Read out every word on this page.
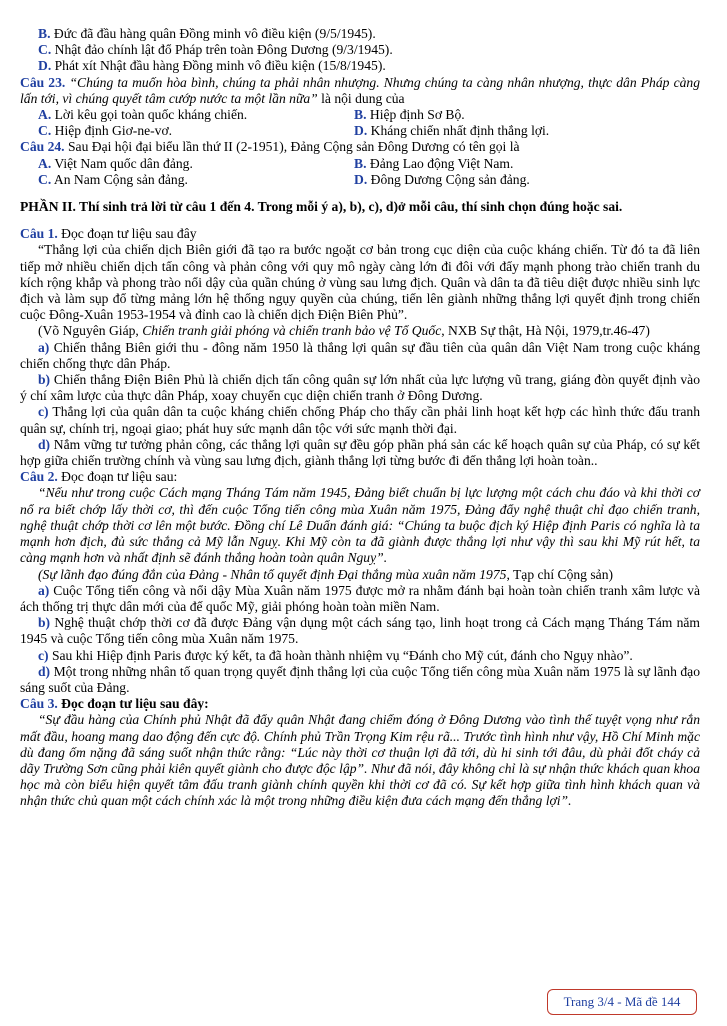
B. Đức đã đầu hàng quân Đồng minh vô điều kiện (9/5/1945).
C. Nhật đảo chính lật đổ Pháp trên toàn Đông Dương (9/3/1945).
D. Phát xít Nhật đầu hàng Đồng minh vô điều kiện (15/8/1945).
Câu 23. “Chúng ta muốn hòa bình, chúng ta phải nhân nhượng. Nhưng chúng ta càng nhân nhượng, thực dân Pháp càng lấn tới, vì chúng quyết tâm cướp nước ta một lần nữa” là nội dung của
A. Lời kêu gọi toàn quốc kháng chiến.	B. Hiệp định Sơ Bộ.
C. Hiệp định Giơ-ne-vơ.	D. Kháng chiến nhất định thắng lợi.
Câu 24. Sau Đại hội đại biểu lần thứ II (2-1951), Đảng Cộng sản Đông Dương có tên gọi là
A. Việt Nam quốc dân đảng.	B. Đảng Lao động Việt Nam.
C. An Nam Cộng sản đảng.	D. Đông Dương Cộng sản đảng.
PHẦN II. Thí sinh trả lời từ câu 1 đến 4. Trong mỗi ý a), b), c), d)ở mỗi câu, thí sinh chọn đúng hoặc sai.
Câu 1. Đọc đoạn tư liệu sau đây
“Thắng lợi của chiến dịch Biên giới đã tạo ra bước ngoặt cơ bản trong cục diện của cuộc kháng chiến. Từ đó ta đã liên tiếp mở nhiều chiến dịch tấn công và phản công với quy mô ngày càng lớn đi đôi với đẩy mạnh phong trào chiến tranh du kích rộng khắp và phong trào nổi dậy của quần chúng ở vùng sau lưng địch. Quân và dân ta đã tiêu diệt được nhiều sinh lực địch và làm sụp đổ từng mảng lớn hệ thống ngụy quyền của chúng, tiến lên giành những thắng lợi quyết định trong chiến cuộc Đông-Xuân 1953-1954 và đỉnh cao là chiến dịch Điện Biên Phủ”.
(Võ Nguyên Giáp, Chiến tranh giải phóng và chiến tranh bảo vệ Tổ Quốc, NXB Sự thật, Hà Nội, 1979,tr.46-47)
a) Chiến thắng Biên giới thu - đông năm 1950 là thắng lợi quân sự đầu tiên của quân dân Việt Nam trong cuộc kháng chiến chống thực dân Pháp.
b) Chiến thắng Điện Biên Phủ là chiến dịch tấn công quân sự lớn nhất của lực lượng vũ trang, giáng đòn quyết định vào ý chí xâm lược của thực dân Pháp, xoay chuyển cục diện chiến tranh ở Đông Dương.
c) Thắng lợi của quân dân ta cuộc kháng chiến chống Pháp cho thấy cần phải linh hoạt kết hợp các hình thức đấu tranh quân sự, chính trị, ngoại giao; phát huy sức mạnh dân tộc với sức mạnh thời đại.
d) Nắm vững tư tưởng phản công, các thắng lợi quân sự đều góp phần phá sản các kế hoạch quân sự của Pháp, có sự kết hợp giữa chiến trường chính và vùng sau lưng địch, giành thắng lợi từng bước đi đến thắng lợi hoàn toàn..
Câu 2. Đọc đoạn tư liệu sau:
“Nếu như trong cuộc Cách mạng Tháng Tám năm 1945, Đảng biết chuẩn bị lực lượng một cách chu đáo và khi thời cơ nổ ra biết chớp lấy thời cơ, thì đến cuộc Tổng tiến công mùa Xuân năm 1975, Đảng đẩy nghệ thuật chỉ đạo chiến tranh, nghệ thuật chớp thời cơ lên một bước. Đồng chí Lê Duẩn đánh giá: “Chúng ta buộc địch ký Hiệp định Paris có nghĩa là ta mạnh hơn địch, đủ sức thắng cả Mỹ lẫn Nguỵ. Khi Mỹ còn ta đã giành được thắng lợi như vậy thì sau khi Mỹ rút hết, ta càng mạnh hơn và nhất định sẽ đánh thắng hoàn toàn quân Nguỵ”.
(Sự lãnh đạo đúng đắn của Đảng - Nhân tố quyết định Đại thắng mùa xuân năm 1975, Tạp chí Cộng sản)
a) Cuộc Tổng tiến công và nổi dậy Mùa Xuân năm 1975 được mở ra nhằm đánh bại hoàn toàn chiến tranh xâm lược và ách thống trị thực dân mới của đế quốc Mỹ, giải phóng hoàn toàn miền Nam.
b) Nghệ thuật chớp thời cơ đã được Đảng vận dụng một cách sáng tạo, linh hoạt trong cả Cách mạng Tháng Tám năm 1945 và cuộc Tổng tiến công mùa Xuân năm 1975.
c) Sau khi Hiệp định Paris được ký kết, ta đã hoàn thành nhiệm vụ “Đánh cho Mỹ cút, đánh cho Ngụy nhào”.
d) Một trong những nhân tố quan trọng quyết định thắng lợi của cuộc Tổng tiến công mùa Xuân năm 1975 là sự lãnh đạo sáng suốt của Đảng.
Câu 3. Đọc đoạn tư liệu sau đây:
“Sự đầu hàng của Chính phủ Nhật đã đẩy quân Nhật đang chiếm đóng ở Đông Dương vào tình thế tuyệt vọng như rắn mất đầu, hoang mang dao động đến cực độ. Chính phủ Trần Trọng Kim rệu rã... Trước tình hình như vậy, Hồ Chí Minh mặc dù đang ốm nặng đã sáng suốt nhận thức rằng: “Lúc này thời cơ thuận lợi đã tới, dù hi sinh tới đâu, dù phải đốt cháy cả dãy Trường Sơn cũng phải kiên quyết giành cho được độc lập”. Như đã nói, đây không chỉ là sự nhận thức khách quan khoa học mà còn biểu hiện quyết tâm đấu tranh giành chính quyền khi thời cơ đã có. Sự kết hợp giữa tình hình khách quan và nhận thức chủ quan một cách chính xác là một trong những điều kiện đưa cách mạng đến thắng lợi”.
Trang 3/4 - Mã đề 144
